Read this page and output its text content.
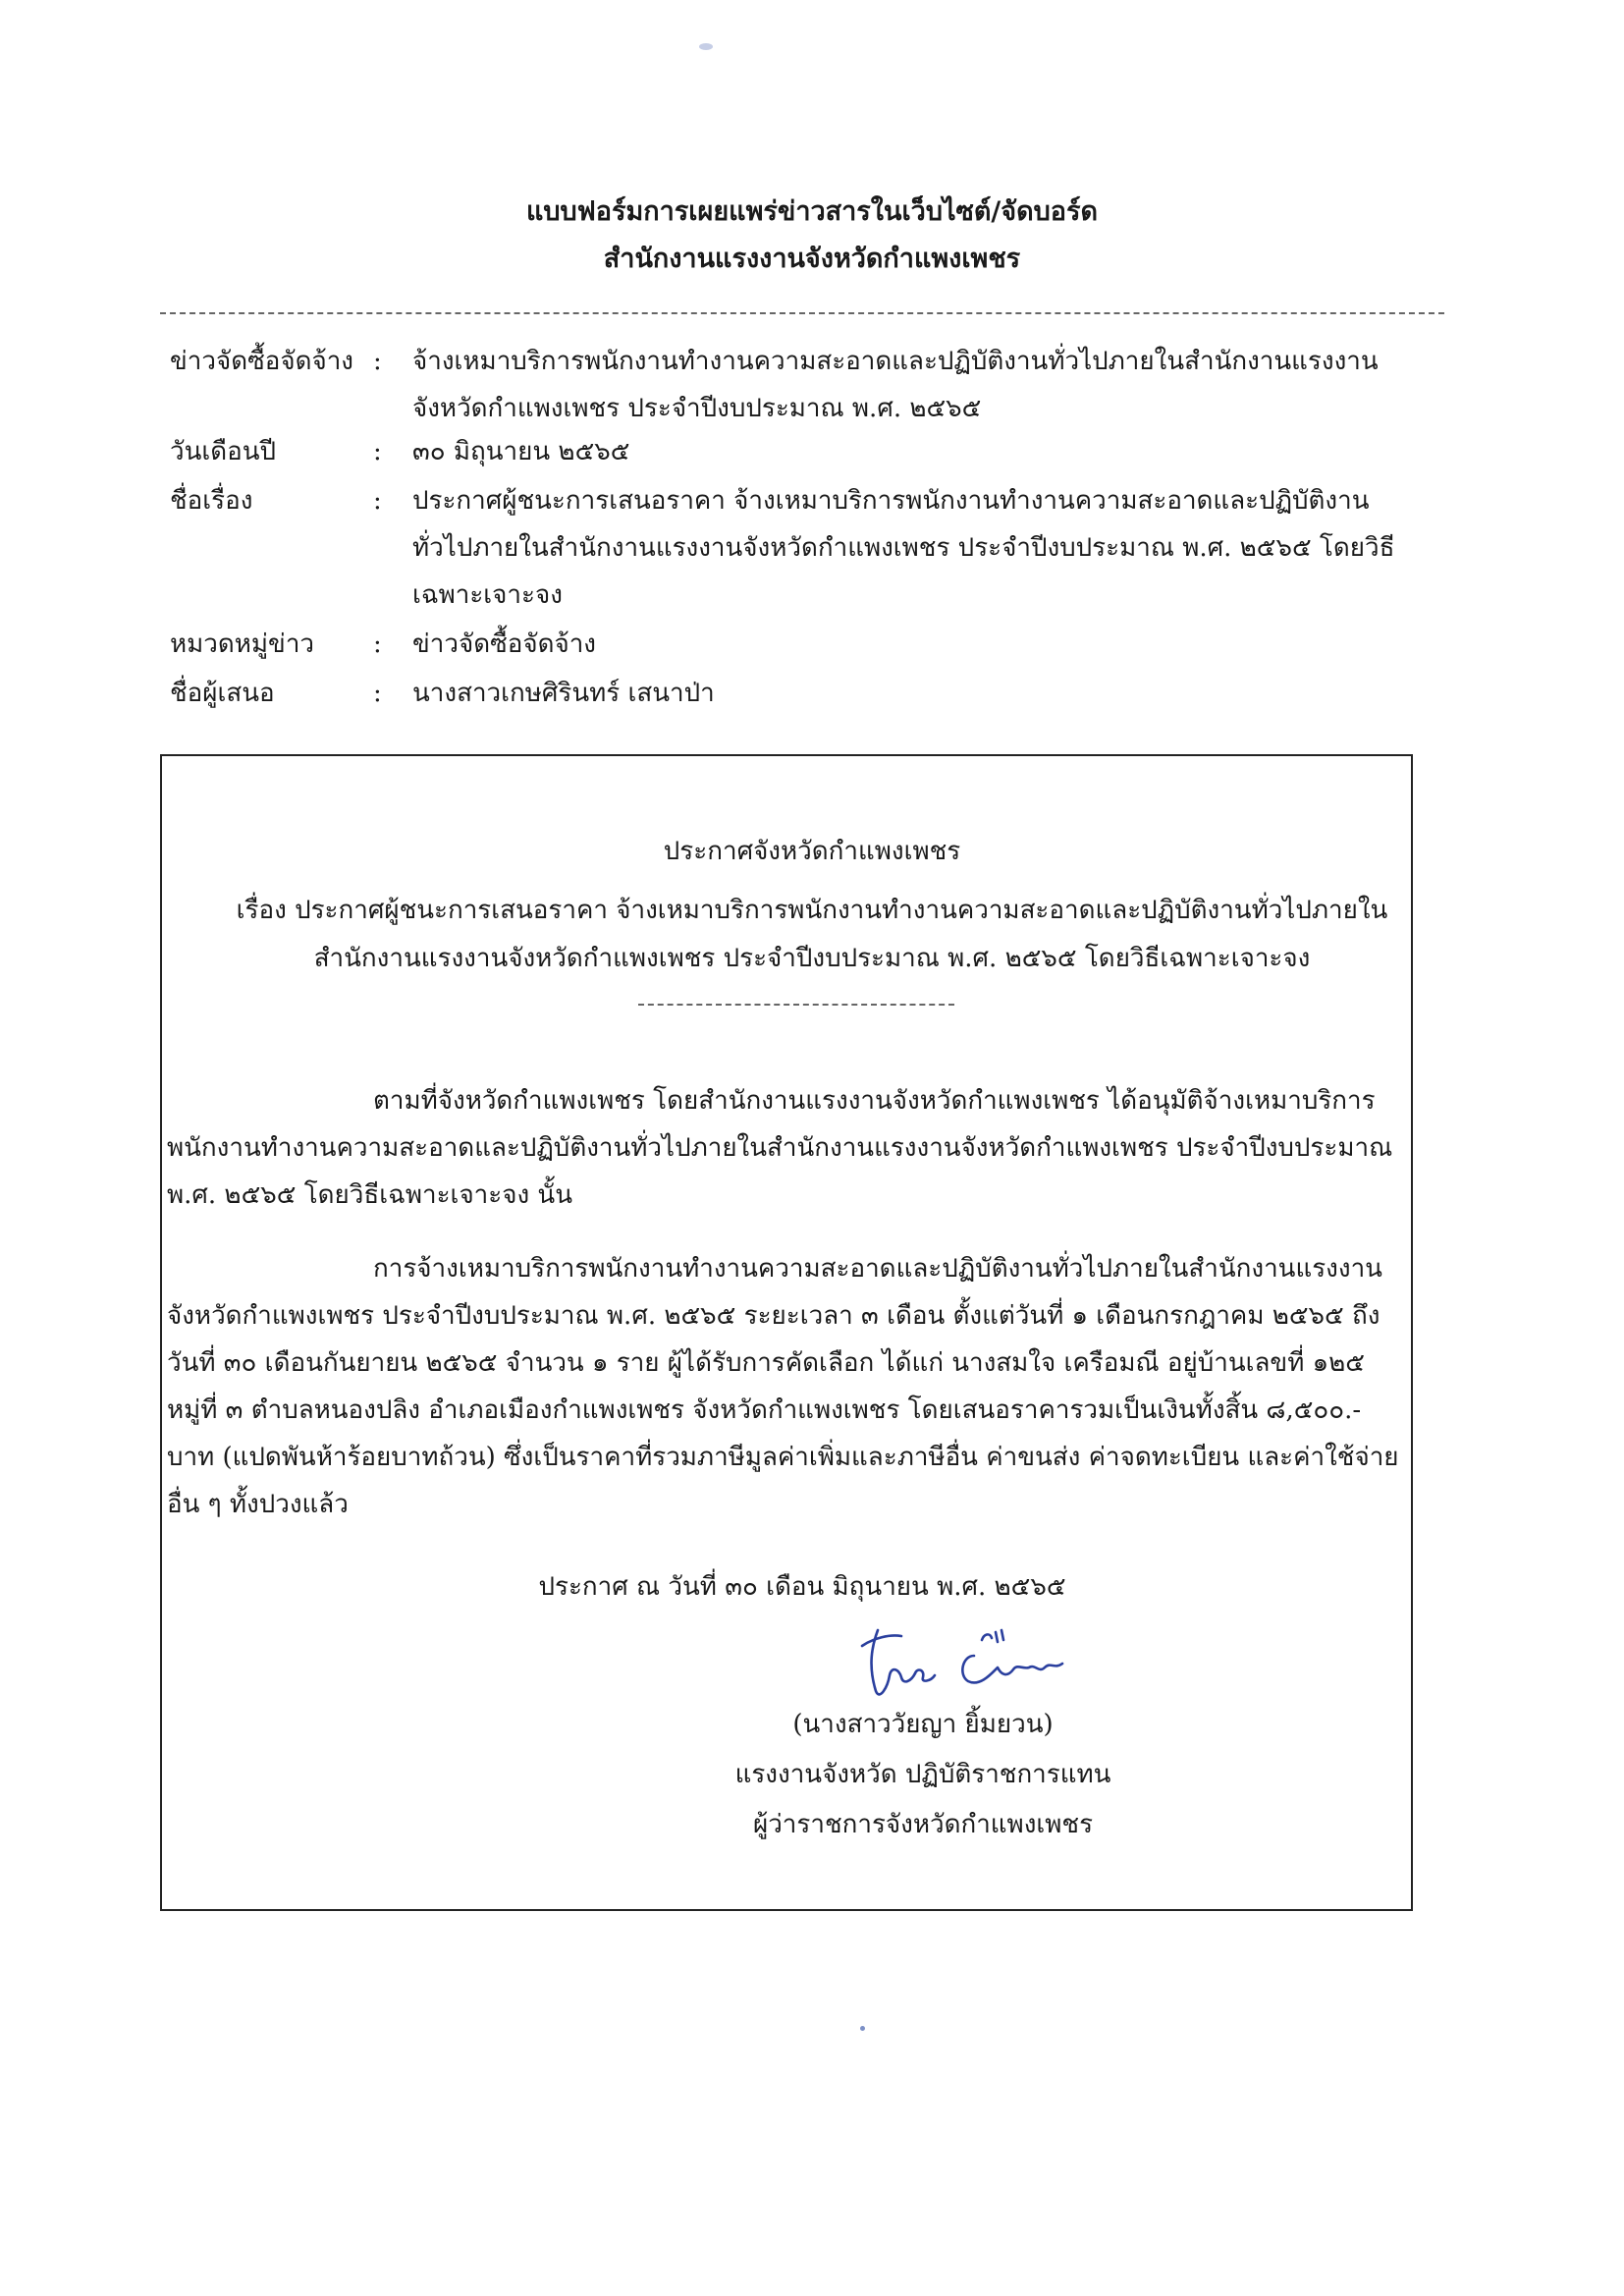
แบบฟอร์มการเผยแพร่ข่าวสารในเว็บไซต์/จัดบอร์ด
สำนักงานแรงงานจังหวัดกำแพงเพชร
ข่าวจัดซื้อจัดจ้าง : จ้างเหมาบริการพนักงานทำงานความสะอาดและปฏิบัติงานทั่วไปภายในสำนักงานแรงงานจังหวัดกำแพงเพชร ประจำปีงบประมาณ พ.ศ. ๒๕๖๕
วันเดือนปี	: ๓๐ มิถุนายน ๒๕๖๕
ชื่อเรื่อง	: ประกาศผู้ชนะการเสนอราคา จ้างเหมาบริการพนักงานทำงานความสะอาดและปฏิบัติงานทั่วไปภายในสำนักงานแรงงานจังหวัดกำแพงเพชร ประจำปีงบประมาณ พ.ศ. ๒๕๖๕ โดยวิธีเฉพาะเจาะจง
หมวดหมู่ข่าว : ข่าวจัดซื้อจัดจ้าง
ชื่อผู้เสนอ	: นางสาวเกษศิรินทร์ เสนาป่า
ประกาศจังหวัดกำแพงเพชร
เรื่อง ประกาศผู้ชนะการเสนอราคา จ้างเหมาบริการพนักงานทำงานความสะอาดและปฏิบัติงานทั่วไปภายใน
สำนักงานแรงงานจังหวัดกำแพงเพชร ประจำปีงบประมาณ พ.ศ. ๒๕๖๕ โดยวิธีเฉพาะเจาะจง
ตามที่จังหวัดกำแพงเพชร โดยสำนักงานแรงงานจังหวัดกำแพงเพชร ได้อนุมัติจ้างเหมาบริการพนักงานทำงานความสะอาดและปฏิบัติงานทั่วไปภายในสำนักงานแรงงานจังหวัดกำแพงเพชร ประจำปีงบประมาณ พ.ศ. ๒๕๖๕ โดยวิธีเฉพาะเจาะจง นั้น
การจ้างเหมาบริการพนักงานทำงานความสะอาดและปฏิบัติงานทั่วไปภายในสำนักงานแรงงานจังหวัดกำแพงเพชร ประจำปีงบประมาณ พ.ศ. ๒๕๖๕ ระยะเวลา ๓ เดือน ตั้งแต่วันที่ ๑ เดือนกรกฎาคม ๒๕๖๕ ถึงวันที่ ๓๐ เดือนกันยายน ๒๕๖๕ จำนวน ๑ ราย ผู้ได้รับการคัดเลือก ได้แก่ นางสมใจ เครือมณี อยู่บ้านเลขที่ ๑๒๕ หมู่ที่ ๓ ตำบลหนองปลิง อำเภอเมืองกำแพงเพชร จังหวัดกำแพงเพชร โดยเสนอราคารวมเป็นเงินทั้งสิ้น ๘,๕๐๐.- บาท (แปดพันห้าร้อยบาทถ้วน) ซึ่งเป็นราคาที่รวมภาษีมูลค่าเพิ่มและภาษีอื่น ค่าขนส่ง ค่าจดทะเบียน และค่าใช้จ่ายอื่น ๆ ทั้งปวงแล้ว
ประกาศ ณ วันที่ ๓๐ เดือน มิถุนายน พ.ศ. ๒๕๖๕
(นางสาววัยญา ยิ้มยวน)
แรงงานจังหวัด ปฏิบัติราชการแทน
ผู้ว่าราชการจังหวัดกำแพงเพชร
